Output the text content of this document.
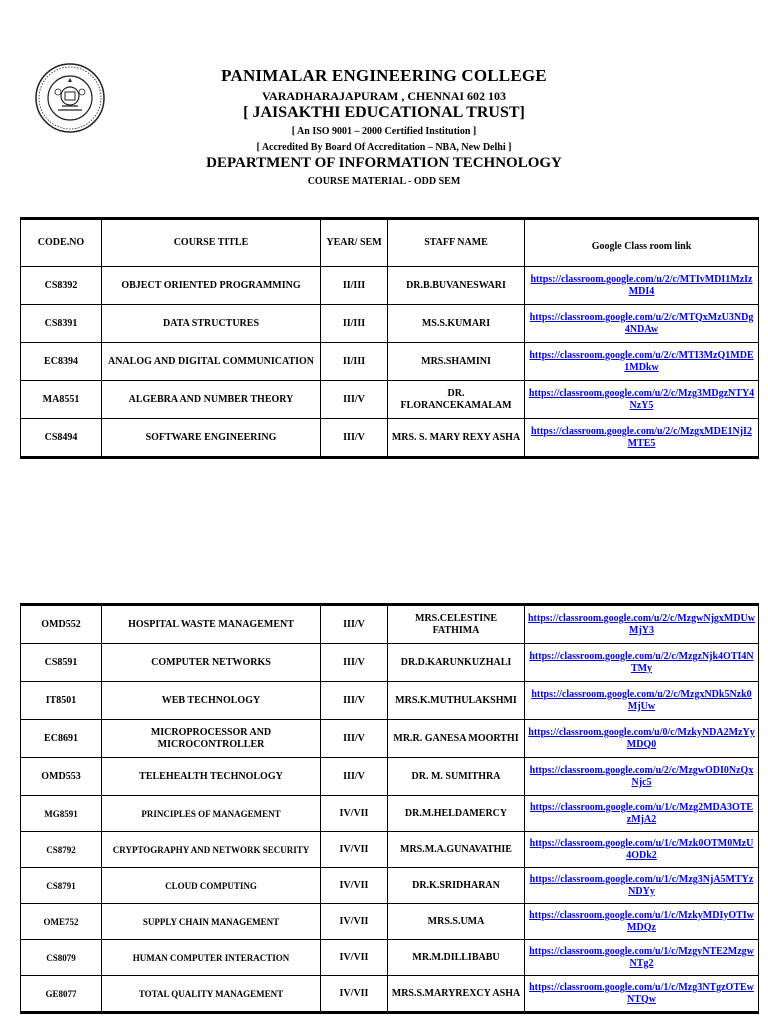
PANIMALAR ENGINEERING COLLEGE
VARADHARAJAPURAM , CHENNAI 602 103
[ JAISAKTHI EDUCATIONAL TRUST]
[ An ISO 9001 – 2000 Certified Institution ]
[ Accredited By Board Of Accreditation – NBA, New Delhi ]
DEPARTMENT OF INFORMATION TECHNOLOGY
COURSE MATERIAL - ODD SEM
CODE.NO	COURSE TITLE	YEAR/ SEM	STAFF NAME	Google Class room link
CS8392	OBJECT ORIENTED PROGRAMMING	II/III	DR.B.BUVANESWARI	https://classroom.google.com/u/2/c/MTIvMDI1MzIzMDI4
CS8391	DATA STRUCTURES	II/III	MS.S.KUMARI	https://classroom.google.com/u/2/c/MTQxMzU3NDg4NDAw
EC8394	ANALOG AND DIGITAL COMMUNICATION	II/III	MRS.SHAMINI	https://classroom.google.com/u/2/c/MTI3MzQ1MDE1MDkw
MA8551	ALGEBRA AND NUMBER THEORY	III/V	DR. FLORANCEKAMALAM	https://classroom.google.com/u/2/c/Mzg3MDgzNTY4NzY5
CS8494	SOFTWARE ENGINEERING	III/V	MRS. S. MARY REXY ASHA	https://classroom.google.com/u/2/c/MzgxMDE1NjI2MTE5
OMD552	HOSPITAL WASTE MANAGEMENT	III/V	MRS.CELESTINE FATHIMA	https://classroom.google.com/u/2/c/MzgwNjgxMDUwMjY3
CS8591	COMPUTER NETWORKS	III/V	DR.D.KARUNKUZHALI	https://classroom.google.com/u/2/c/MzgzNjk4OTI4NTMy
IT8501	WEB TECHNOLOGY	III/V	MRS.K.MUTHULAKSHMI	https://classroom.google.com/u/2/c/MzgxNDk5Nzk0MjUw
EC8691	MICROPROCESSOR AND MICROCONTROLLER	III/V	MR.R. GANESA MOORTHI	https://classroom.google.com/u/0/c/MzkyNDA2MzYyMDQ0
OMD553	TELEHEALTH TECHNOLOGY	III/V	DR. M. SUMITHRA	https://classroom.google.com/u/2/c/MzgwODI0NzQxNjc5
MG8591	PRINCIPLES OF MANAGEMENT	IV/VII	DR.M.HELDAMERCY	https://classroom.google.com/u/1/c/Mzg2MDA3OTEzMjA2
CS8792	CRYPTOGRAPHY AND NETWORK SECURITY	IV/VII	MRS.M.A.GUNAVATHIE	https://classroom.google.com/u/1/c/Mzk0OTM0MzU4ODk2
CS8791	CLOUD COMPUTING	IV/VII	DR.K.SRIDHARAN	https://classroom.google.com/u/1/c/Mzg3NjA5MTYzNDYy
OME752	SUPPLY CHAIN MANAGEMENT	IV/VII	MRS.S.UMA	https://classroom.google.com/u/1/c/MzkyMDIyOTIwMDQz
CS8079	HUMAN COMPUTER INTERACTION	IV/VII	MR.M.DILLIBABU	https://classroom.google.com/u/1/c/MzgyNTE2MzgwNTg2
GE8077	TOTAL QUALITY MANAGEMENT	IV/VII	MRS.S.MARYREXCY ASHA	https://classroom.google.com/u/1/c/Mzg3NTgzOTEwNTQw
